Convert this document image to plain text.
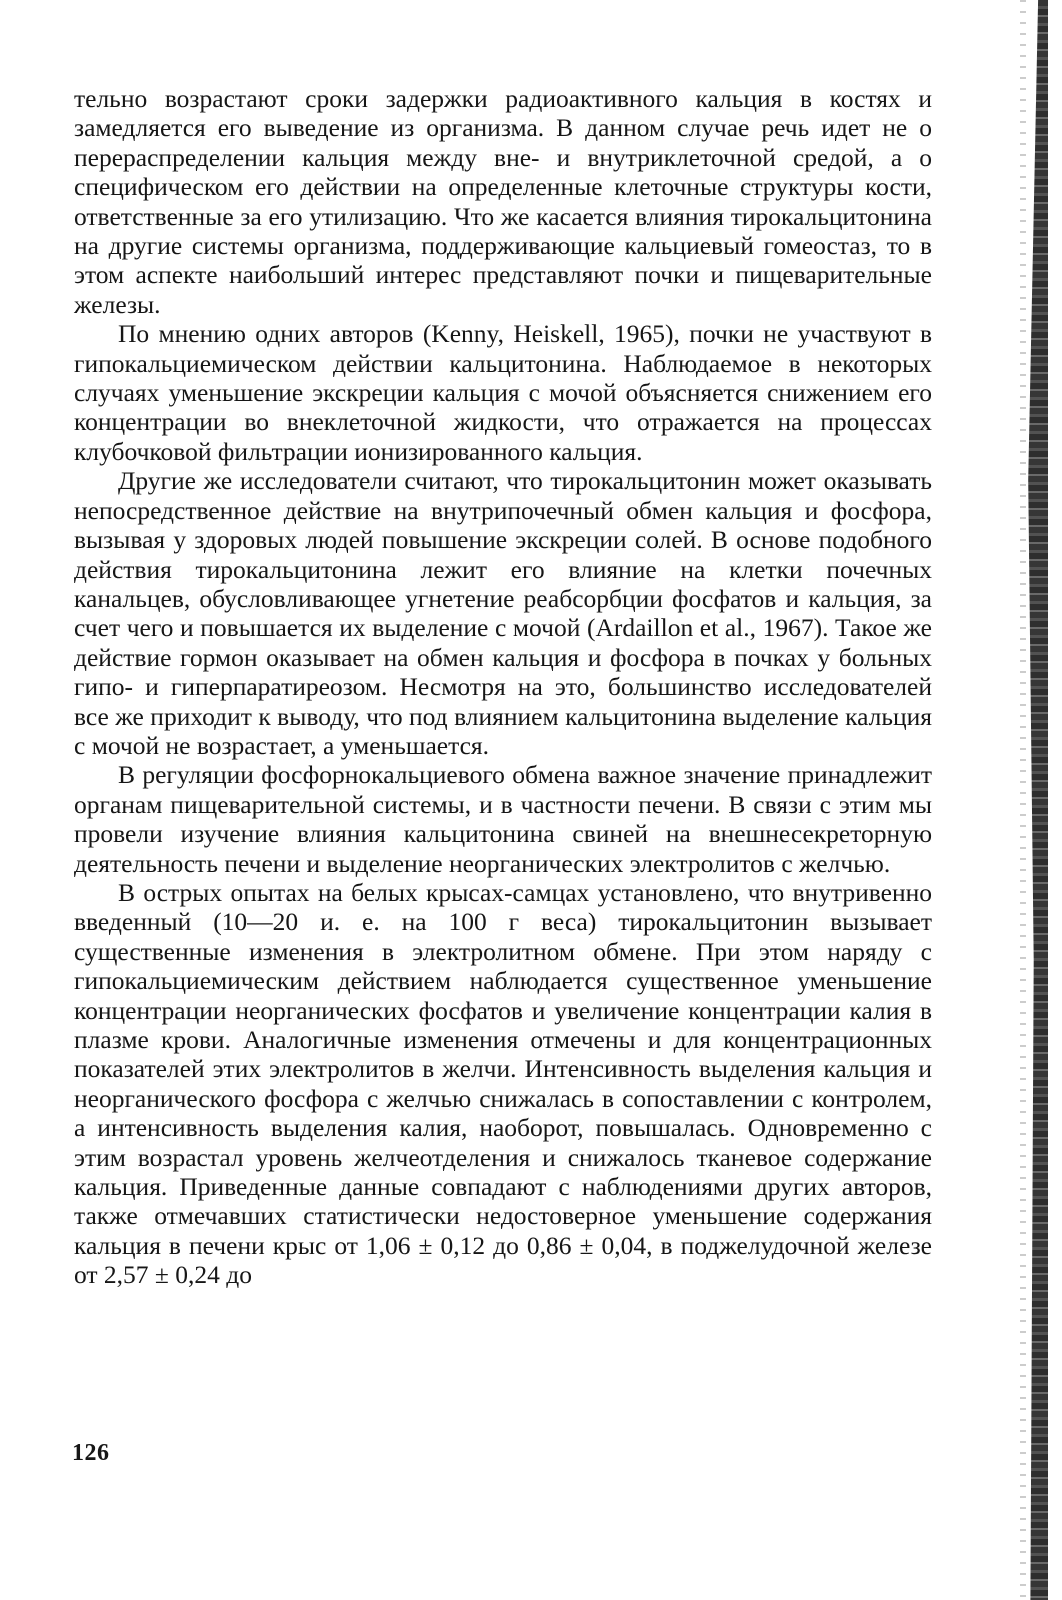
тельно возрастают сроки задержки радиоактивного кальция в костях и замедляется его выведение из организма. В данном случае речь идет не о перераспределении кальция между вне- и внутриклеточной средой, а о специфическом его действии на определенные клеточные структуры кости, ответственные за его утилизацию. Что же касается влияния тирокальцитонина на другие системы организма, поддерживающие кальциевый гомеостаз, то в этом аспекте наибольший интерес представляют почки и пищеварительные железы.

По мнению одних авторов (Kenny, Heiskell, 1965), почки не участвуют в гипокальциемическом действии кальцитонина. Наблюдаемое в некоторых случаях уменьшение экскреции кальция с мочой объясняется снижением его концентрации во внеклеточной жидкости, что отражается на процессах клубочковой фильтрации ионизированного кальция.

Другие же исследователи считают, что тирокальцитонин может оказывать непосредственное действие на внутрипочечный обмен кальция и фосфора, вызывая у здоровых людей повышение экскреции солей. В основе подобного действия тирокальцитонина лежит его влияние на клетки почечных канальцев, обусловливающее угнетение реабсорбции фосфатов и кальция, за счет чего и повышается их выделение с мочой (Ardaillon et al., 1967). Такое же действие гормон оказывает на обмен кальция и фосфора в почках у больных гипо- и гиперпаратиреозом. Несмотря на это, большинство исследователей все же приходит к выводу, что под влиянием кальцитонина выделение кальция с мочой не возрастает, а уменьшается.

В регуляции фосфорнокальциевого обмена важное значение принадлежит органам пищеварительной системы, и в частности печени. В связи с этим мы провели изучение влияния кальцитонина свиней на внешнесекреторную деятельность печени и выделение неорганических электролитов с желчью.

В острых опытах на белых крысах-самцах установлено, что внутривенно введенный (10—20 и. е. на 100 г веса) тирокальцитонин вызывает существенные изменения в электролитном обмене. При этом наряду с гипокальциемическим действием наблюдается существенное уменьшение концентрации неорганических фосфатов и увеличение концентрации калия в плазме крови. Аналогичные изменения отмечены и для концентрационных показателей этих электролитов в желчи. Интенсивность выделения кальция и неорганического фосфора с желчью снижалась в сопоставлении с контролем, а интенсивность выделения калия, наоборот, повышалась. Одновременно с этим возрастал уровень желчеотделения и снижалось тканевое содержание кальция. Приведенные данные совпадают с наблюдениями других авторов, также отмечавших статистически недостоверное уменьшение содержания кальция в печени крыс от 1,06 ± 0,12 до 0,86 ± 0,04, в поджелудочной железе от 2,57 ± 0,24 до

126
